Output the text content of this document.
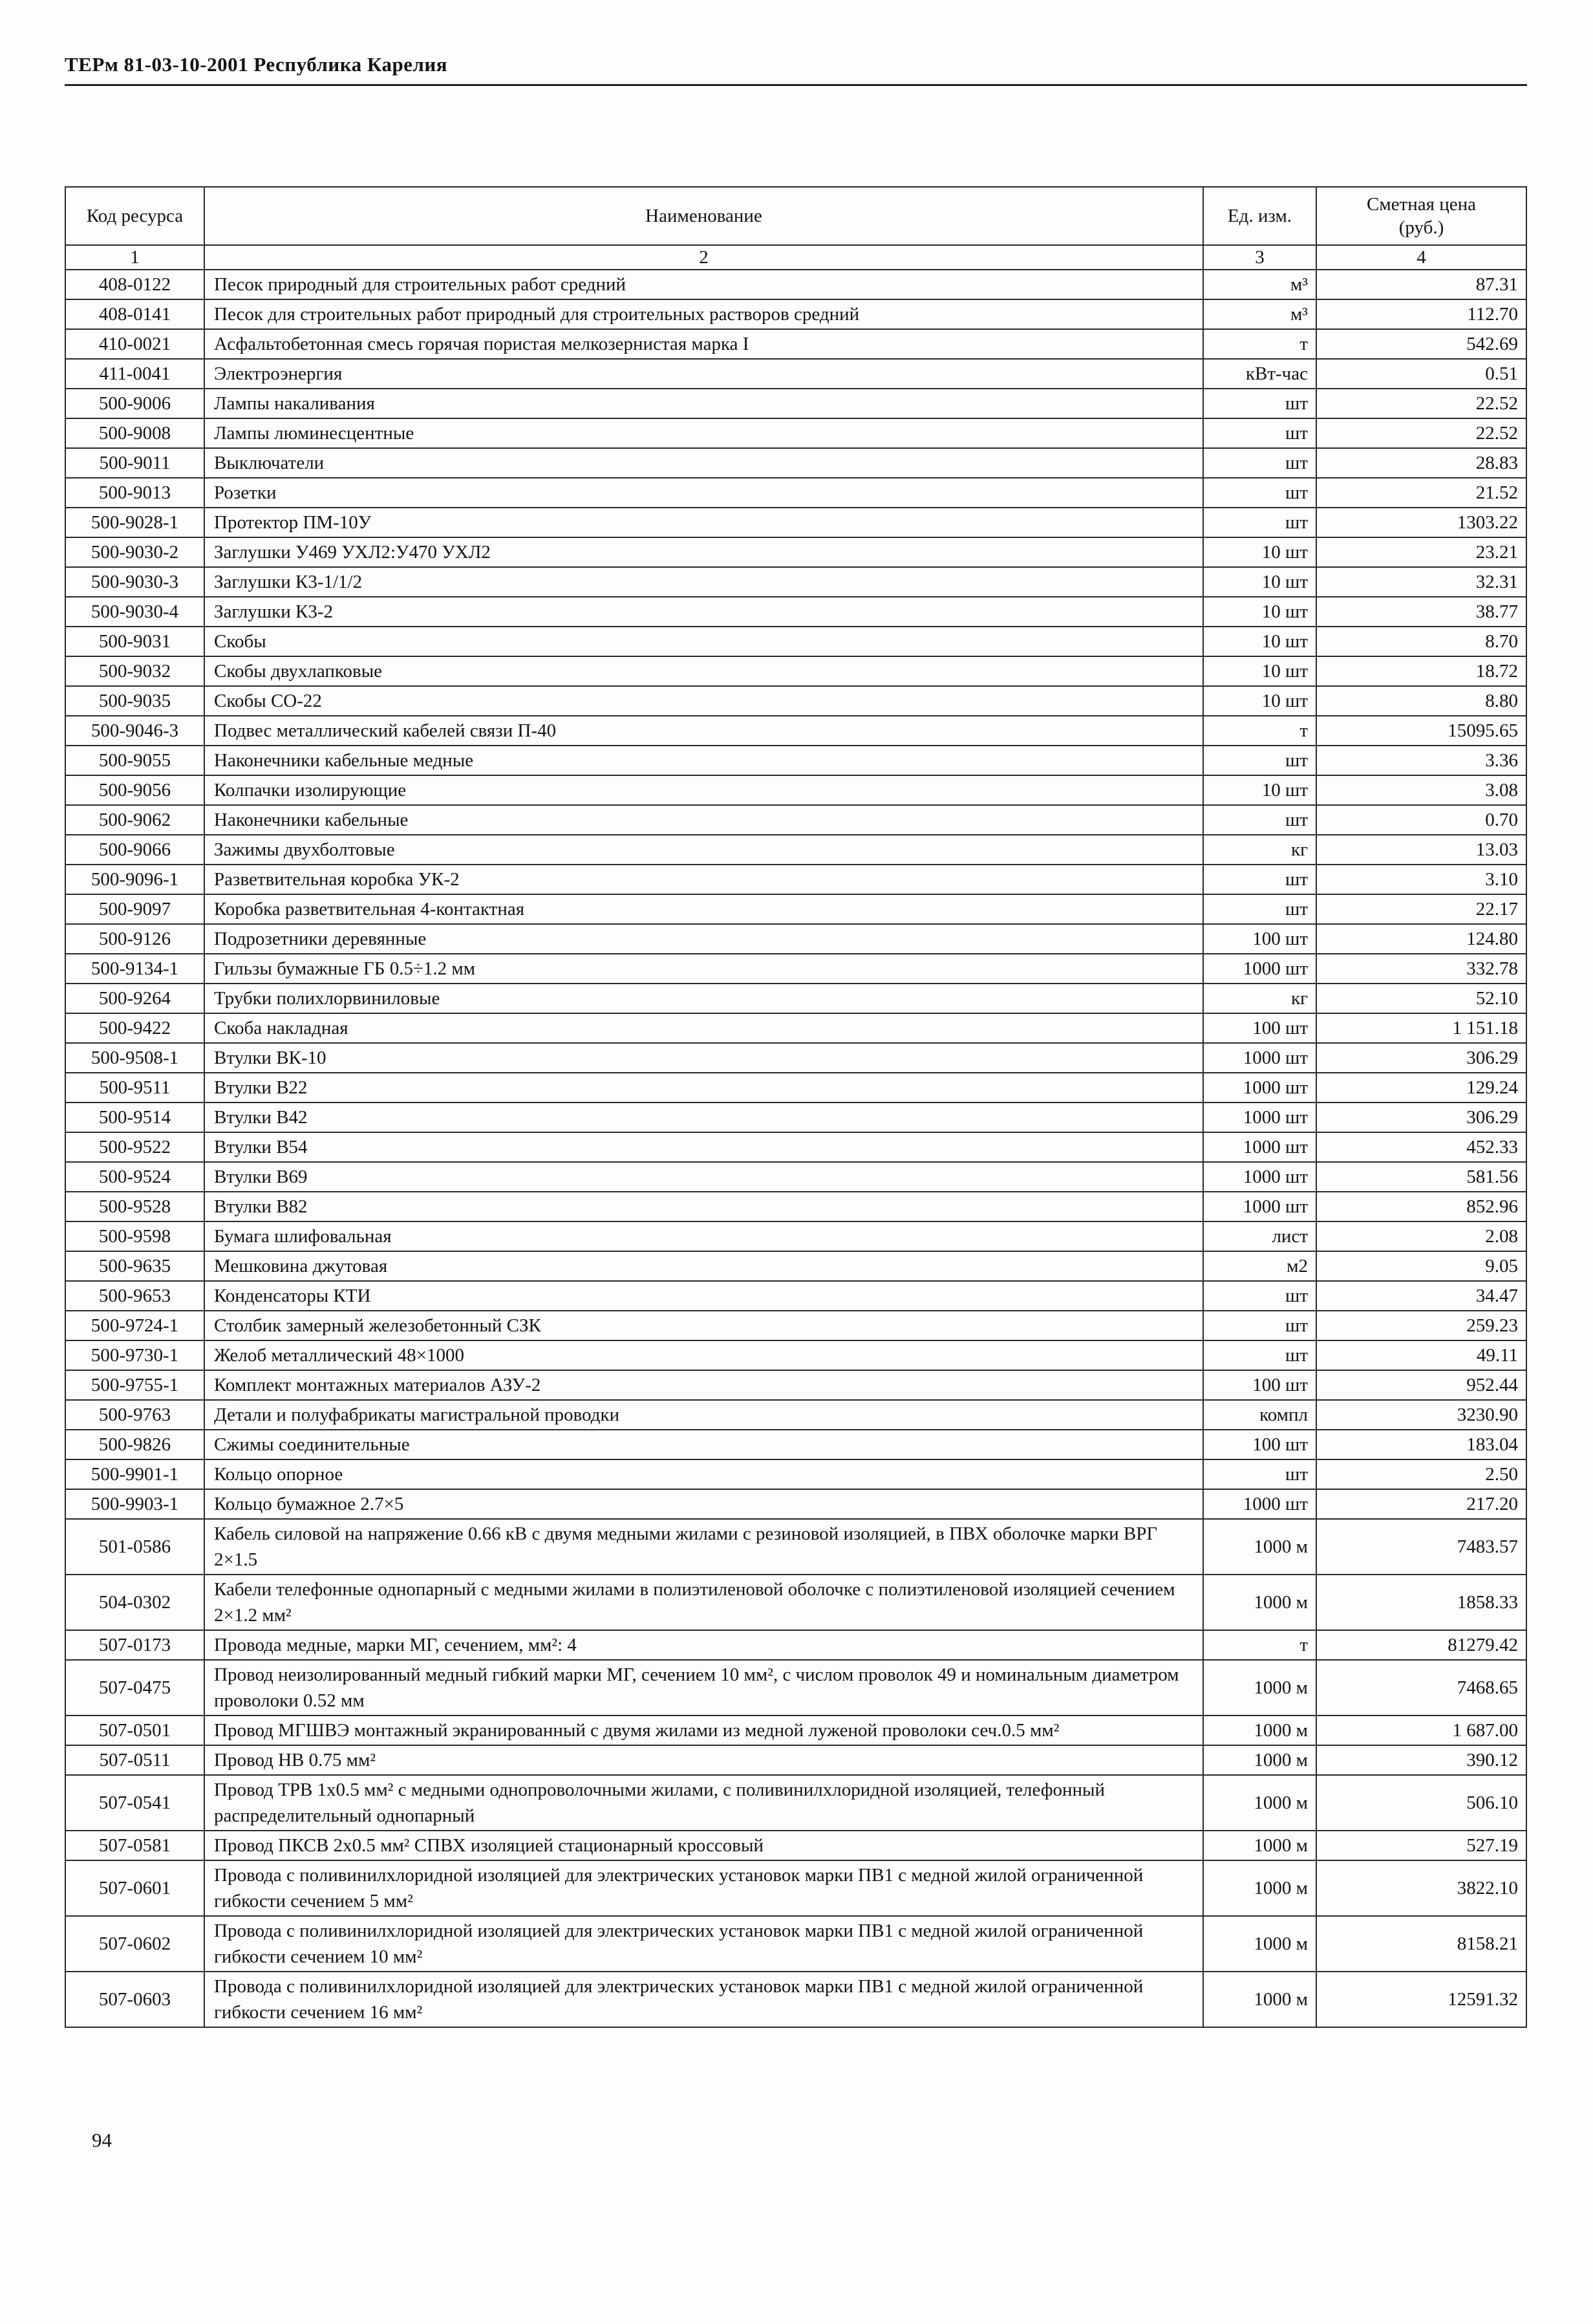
ТЕРм 81-03-10-2001 Республика Карелия
Код ресурса	Наименование	Ед. изм.	Сметная цена
(руб.)

1	2	3	4
408-0122	Песок природный для строительных работ средний	м³	87.31
408-0141	Песок для строительных работ природный для строительных растворов средний	м³	112.70
410-0021	Асфальтобетонная смесь горячая пористая мелкозернистая марка I	т	542.69
411-0041	Электроэнергия	кВт-час	0.51
500-9006	Лампы накаливания	шт	22.52
500-9008	Лампы люминесцентные	шт	22.52
500-9011	Выключатели	шт	28.83
500-9013	Розетки	шт	21.52
500-9028-1	Протектор ПМ-10У	шт	1303.22
500-9030-2	Заглушки У469 УХЛ2:У470 УХЛ2	10 шт	23.21
500-9030-3	Заглушки К3-1/1/2	10 шт	32.31
500-9030-4	Заглушки К3-2	10 шт	38.77
500-9031	Скобы	10 шт	8.70
500-9032	Скобы двухлапковые	10 шт	18.72
500-9035	Скобы СО-22	10 шт	8.80
500-9046-3	Подвес металлический кабелей связи П-40	т	15095.65
500-9055	Наконечники кабельные медные	шт	3.36
500-9056	Колпачки изолирующие	10 шт	3.08
500-9062	Наконечники кабельные	шт	0.70
500-9066	Зажимы двухболтовые	кг	13.03
500-9096-1	Разветвительная коробка УК-2	шт	3.10
500-9097	Коробка разветвительная 4-контактная	шт	22.17
500-9126	Подрозетники деревянные	100 шт	124.80
500-9134-1	Гильзы бумажные ГБ 0.5÷1.2 мм	1000 шт	332.78
500-9264	Трубки полихлорвиниловые	кг	52.10
500-9422	Скоба накладная	100 шт	1 151.18
500-9508-1	Втулки ВК-10	1000 шт	306.29
500-9511	Втулки В22	1000 шт	129.24
500-9514	Втулки В42	1000 шт	306.29
500-9522	Втулки В54	1000 шт	452.33
500-9524	Втулки В69	1000 шт	581.56
500-9528	Втулки В82	1000 шт	852.96
500-9598	Бумага шлифовальная	лист	2.08
500-9635	Мешковина джутовая	м2	9.05
500-9653	Конденсаторы КТИ	шт	34.47
500-9724-1	Столбик замерный железобетонный СЗК	шт	259.23
500-9730-1	Желоб металлический 48×1000	шт	49.11
500-9755-1	Комплект монтажных материалов АЗУ-2	100 шт	952.44
500-9763	Детали и полуфабрикаты магистральной проводки	компл	3230.90
500-9826	Сжимы соединительные	100 шт	183.04
500-9901-1	Кольцо опорное	шт	2.50
500-9903-1	Кольцо бумажное 2.7×5	1000 шт	217.20
501-0586	Кабель силовой на напряжение 0.66 кВ с двумя медными жилами с резиновой изоляцией, в ПВХ оболочке марки ВРГ 2×1.5	1000 м	7483.57
504-0302	Кабели телефонные однопарный с медными жилами в полиэтиленовой оболочке с полиэтиленовой изоляцией сечением 2×1.2 мм²	1000 м	1858.33
507-0173	Провода медные, марки МГ, сечением, мм²: 4	т	81279.42
507-0475	Провод неизолированный медный гибкий марки МГ, сечением 10 мм², с числом проволок 49 и номинальным диаметром проволоки 0.52 мм	1000 м	7468.65
507-0501	Провод МГШВЭ монтажный экранированный с двумя жилами из медной луженой проволоки сеч.0.5 мм²	1000 м	1 687.00
507-0511	Провод НВ 0.75 мм²	1000 м	390.12
507-0541	Провод ТРВ 1х0.5 мм² с медными однопроволочными жилами, с поливинилхлоридной изоляцией, телефонный распределительный однопарный	1000 м	506.10
507-0581	Провод ПКСВ 2х0.5 мм² СПВХ изоляцией стационарный кроссовый	1000 м	527.19
507-0601	Провода с поливинилхлоридной изоляцией для электрических установок марки ПВ1 с медной жилой ограниченной гибкости сечением 5 мм²	1000 м	3822.10
507-0602	Провода с поливинилхлоридной изоляцией для электрических установок марки ПВ1 с медной жилой ограниченной гибкости сечением 10 мм²	1000 м	8158.21
507-0603	Провода с поливинилхлоридной изоляцией для электрических установок марки ПВ1 с медной жилой ограниченной гибкости сечением 16 мм²	1000 м	12591.32
94
